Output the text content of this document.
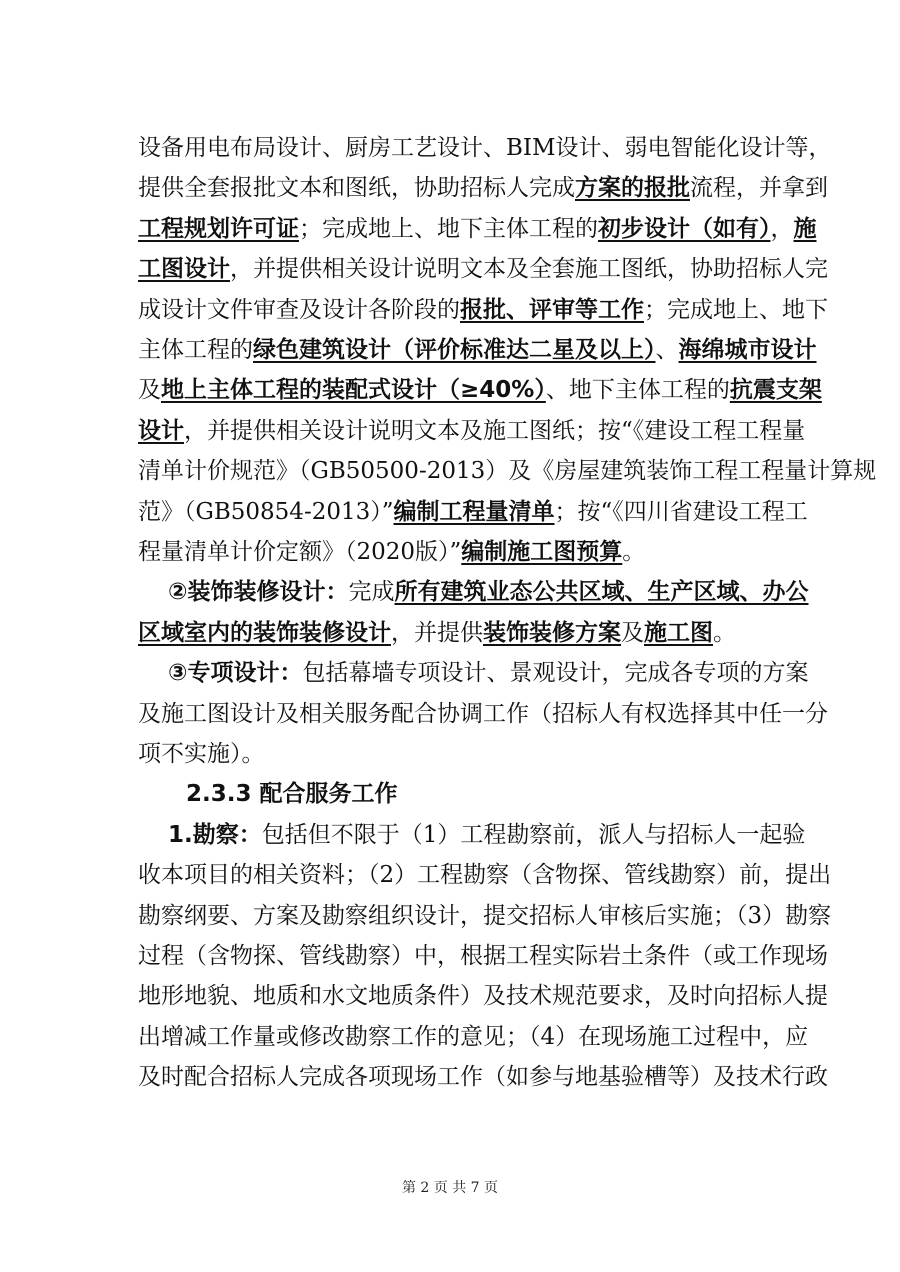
设备用电布局设计、厨房工艺设计、BIM设计、弱电智能化设计等，
提供全套报批文本和图纸，协助招标人完成方案的报批流程，并拿到
工程规划许可证；完成地上、地下主体工程的初步设计（如有），施
工图设计，并提供相关设计说明文本及全套施工图纸，协助招标人完
成设计文件审查及设计各阶段的报批、评审等工作；完成地上、地下
主体工程的绿色建筑设计（评价标准达二星及以上）、海绵城市设计
及地上主体工程的装配式设计（≥40%）、地下主体工程的抗震支架
设计，并提供相关设计说明文本及施工图纸；按“《建设工程工程量
清单计价规范》（GB50500-2013）及《房屋建筑装饰工程工程量计算规
范》（GB50854-2013）”编制工程量清单；按“《四川省建设工程工
程量清单计价定额》（2020版）”编制施工图预算。
②装饰装修设计：完成所有建筑业态公共区域、生产区域、办公
区域室内的装饰装修设计，并提供装饰装修方案及施工图。
③专项设计：包括幕墙专项设计、景观设计，完成各专项的方案
及施工图设计及相关服务配合协调工作（招标人有权选择其中任一分
项不实施）。
2.3.3 配合服务工作
1.勘察：包括但不限于（1）工程勘察前，派人与招标人一起验
收本项目的相关资料；（2）工程勘察（含物探、管线勘察）前，提出
勘察纲要、方案及勘察组织设计，提交招标人审核后实施；（3）勘察
过程（含物探、管线勘察）中，根据工程实际岩土条件（或工作现场
地形地貌、地质和水文地质条件）及技术规范要求，及时向招标人提
出增减工作量或修改勘察工作的意见；（4）在现场施工过程中，应
及时配合招标人完成各项现场工作（如参与地基验槽等）及技术行政
第 2 页 共 7 页
